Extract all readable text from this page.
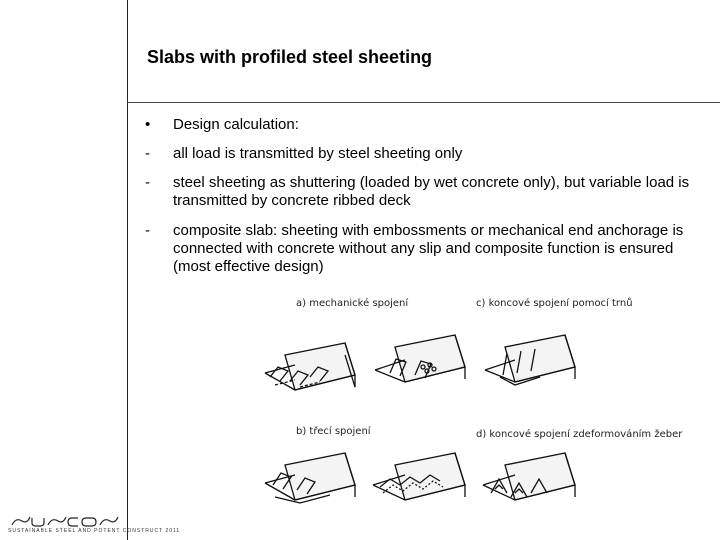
Slabs with profiled steel sheeting
• Design calculation:
- all load is transmitted by steel sheeting only
- steel sheeting as shuttering (loaded by wet concrete only), but variable load is transmitted by concrete ribbed deck
- composite slab: sheeting with embossments or mechanical end anchorage is connected with concrete without any slip and composite function is ensured (most effective design)
a) mechanické spojení	c) koncové spojení pomocí trnů
b) třecí spojení	d) koncové spojení zdeformováním žeber
SUSTAINABLE STEEL AND POTENT CONSTRUCT 2011
